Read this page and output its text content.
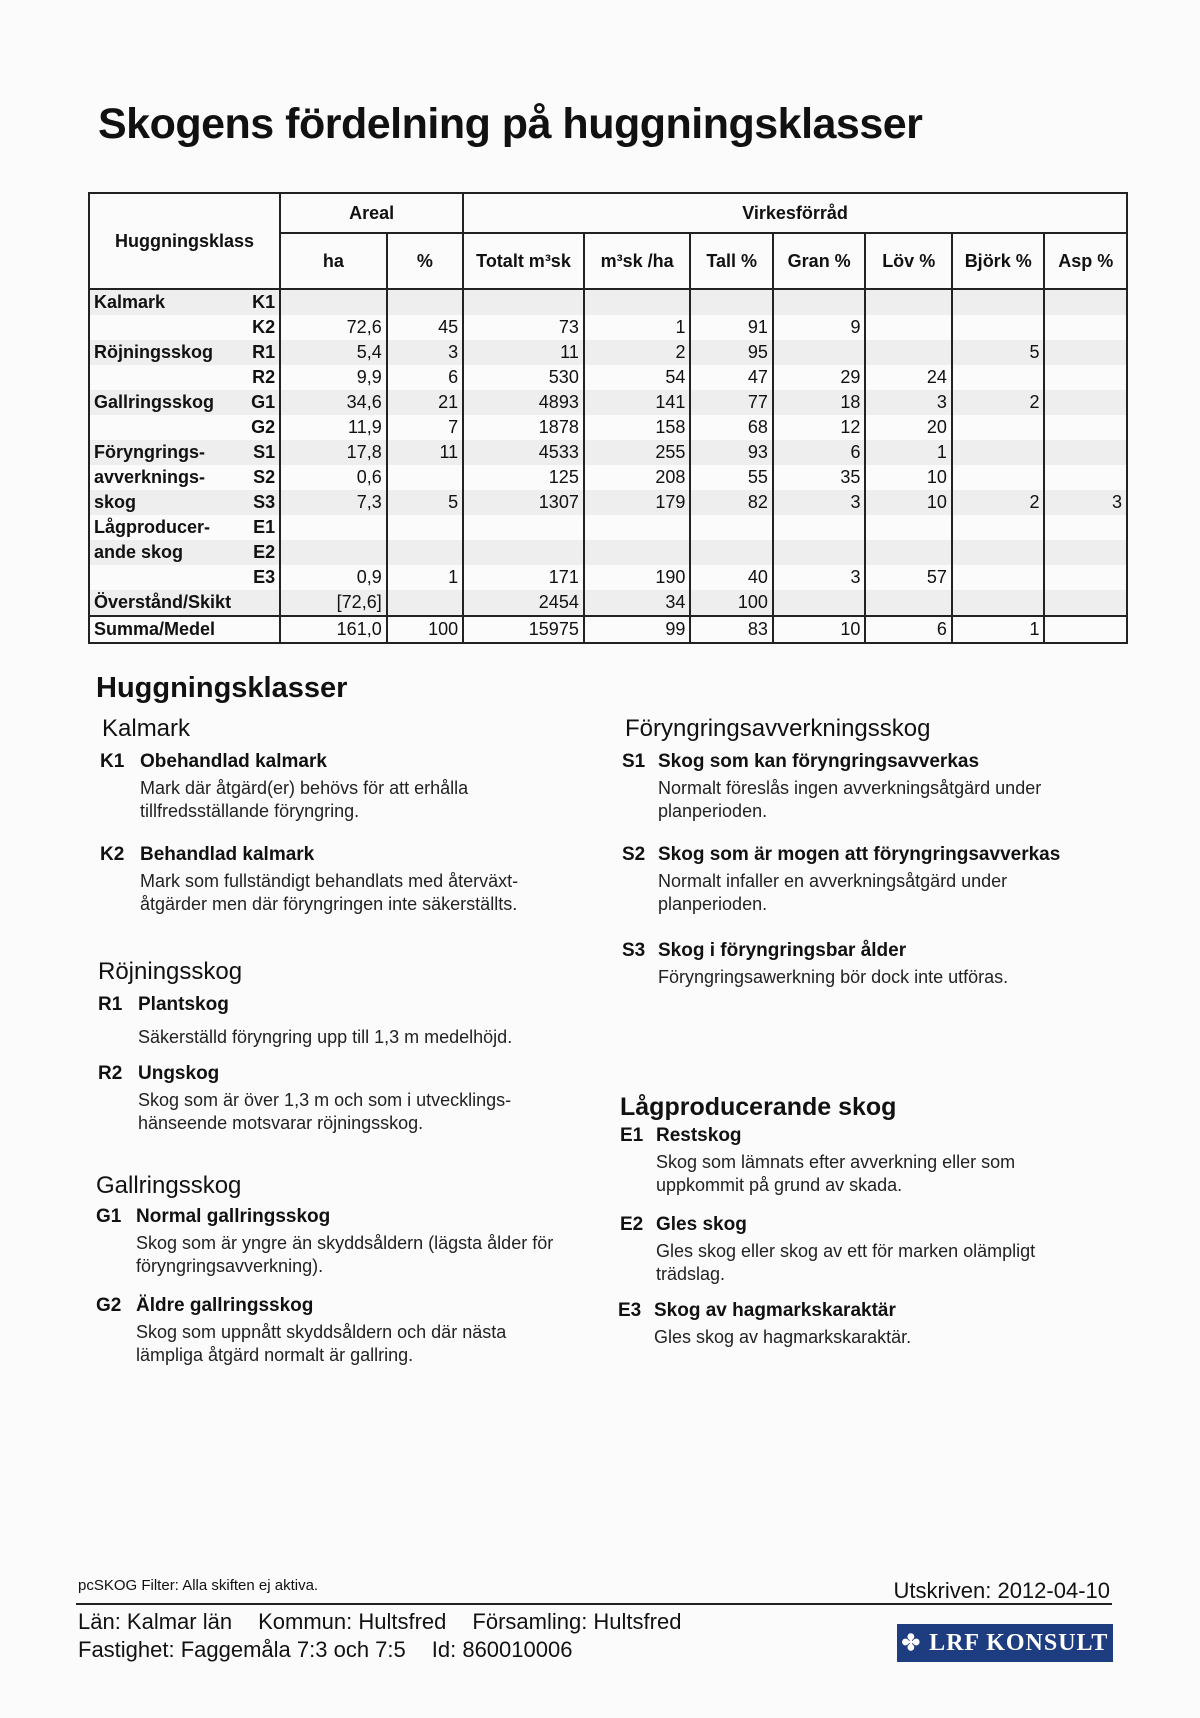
Skogens fördelning på huggningsklasser
Huggningsklass		Areal		Virkesförråd						
		ha	%	Totalt m³sk	m³sk /ha	Tall %	Gran %	Löv %	Björk %	Asp %
Kalmark	K1									
	K2	72,6	45	73	1	91	9			
Röjningsskog	R1	5,4	3	11	2	95			5	
	R2	9,9	6	530	54	47	29	24		
Gallringsskog	G1	34,6	21	4893	141	77	18	3	2	
	G2	11,9	7	1878	158	68	12	20		
Föryngrings-	S1	17,8	11	4533	255	93	6	1		
avverknings-	S2	0,6		125	208	55	35	10		
skog	S3	7,3	5	1307	179	82	3	10	2	3
Lågproducer-	E1									
ande skog	E2									
	E3	0,9	1	171	190	40	3	57		
Överstånd/Skikt		[72,6]		2454	34	100				
Summa/Medel		161,0	100	15975	99	83	10	6	1	
Huggningsklasser
Kalmark
K1 Obehandlad kalmark
Mark där åtgärd(er) behövs för att erhålla tillfredsställande föryngring.
K2 Behandlad kalmark
Mark som fullständigt behandlats med återväxt-åtgärder men där föryngringen inte säkerställts.
Röjningsskog
R1 Plantskog
Säkerställd föryngring upp till 1,3 m medelhöjd.
R2 Ungskog
Skog som är över 1,3 m och som i utvecklings-hänseende motsvarar röjningsskog.
Gallringsskog
G1 Normal gallringsskog
Skog som är yngre än skyddsåldern (lägsta ålder för föryngringsavverkning).
G2 Äldre gallringsskog
Skog som uppnått skyddsåldern och där nästa lämpliga åtgärd normalt är gallring.
Föryngringsavverkningsskog
S1 Skog som kan föryngringsavverkas
Normalt föreslås ingen avverkningsåtgärd under planperioden.
S2 Skog som är mogen att föryngringsavverkas
Normalt infaller en avverkningsåtgärd under planperioden.
S3 Skog i föryngringsbar ålder
Föryngringsawerkning bör dock inte utföras.
Lågproducerande skog
E1 Restskog
Skog som lämnats efter avverkning eller som uppkommit på grund av skada.
E2 Gles skog
Gles skog eller skog av ett för marken olämpligt trädslag.
E3 Skog av hagmarkskaraktär
Gles skog av hagmarkskaraktär.
pcSKOG Filter: Alla skiften ej aktiva.	Utskriven: 2012-04-10
Län: Kalmar län Kommun: Hultsfred Församling: Hultsfred
Fastighet: Faggemåla 7:3 och 7:5 Id: 860010006	✤ LRF KONSULT
